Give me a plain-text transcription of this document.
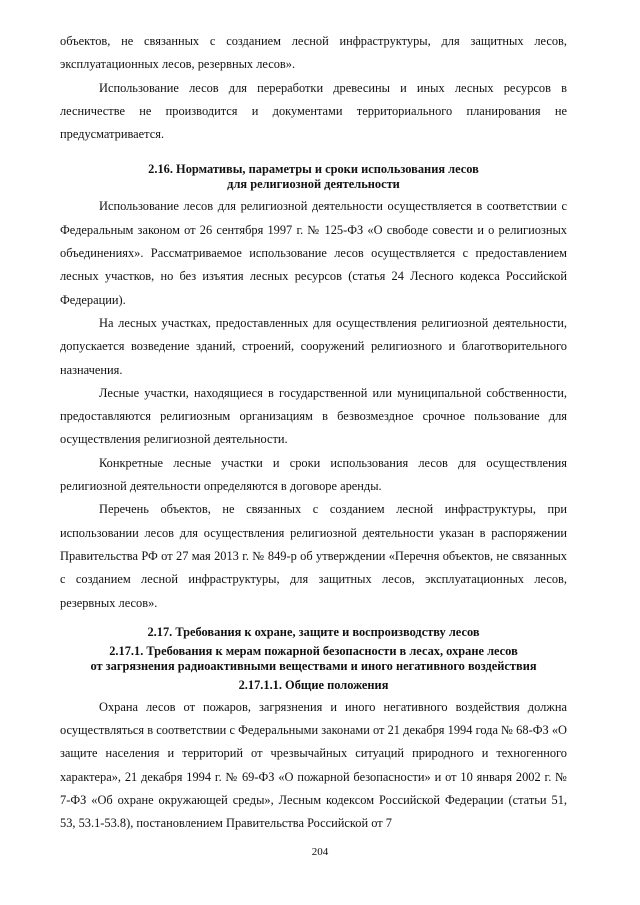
объектов, не связанных с созданием лесной инфраструктуры, для защитных лесов, эксплуатационных лесов, резервных лесов».

Использование лесов для переработки древесины и иных лесных ресурсов в лесничестве не производится и документами территориального планирования не предусматривается.

2.16. Нормативы, параметры и сроки использования лесов
для религиозной деятельности

Использование лесов для религиозной деятельности осуществляется в соответствии с Федеральным законом от 26 сентября 1997 г. № 125-ФЗ «О свободе совести и о религиозных объединениях». Рассматриваемое использование лесов осуществляется с предоставлением лесных участков, но без изъятия лесных ресурсов (статья 24 Лесного кодекса Российской Федерации).

На лесных участках, предоставленных для осуществления религиозной деятельности, допускается возведение зданий, строений, сооружений религиозного и благотворительного назначения.

Лесные участки, находящиеся в государственной или муниципальной собственности, предоставляются религиозным организациям в безвозмездное срочное пользование для осуществления религиозной деятельности.

Конкретные лесные участки и сроки использования лесов для осуществления религиозной деятельности определяются в договоре аренды.

Перечень объектов, не связанных с созданием лесной инфраструктуры, при использовании лесов для осуществления религиозной деятельности указан в распоряжении Правительства РФ от 27 мая 2013 г. № 849-р об утверждении «Перечня объектов, не связанных с созданием лесной инфраструктуры, для защитных лесов, эксплуатационных лесов, резервных лесов».

2.17. Требования к охране, защите и воспроизводству лесов
2.17.1. Требования к мерам пожарной безопасности в лесах, охране лесов
от загрязнения радиоактивными веществами и иного негативного воздействия
2.17.1.1. Общие положения

Охрана лесов от пожаров, загрязнения и иного негативного воздействия должна осуществляться в соответствии с Федеральными законами от 21 декабря 1994 года № 68-ФЗ «О защите населения и территорий от чрезвычайных ситуаций природного и техногенного характера», 21 декабря 1994 г. № 69-ФЗ «О пожарной безопасности» и от 10 января 2002 г. № 7-ФЗ «Об охране окружающей среды», Лесным кодексом Российской Федерации (статьи 51, 53, 53.1-53.8), постановлением Правительства Российской от 7

204
